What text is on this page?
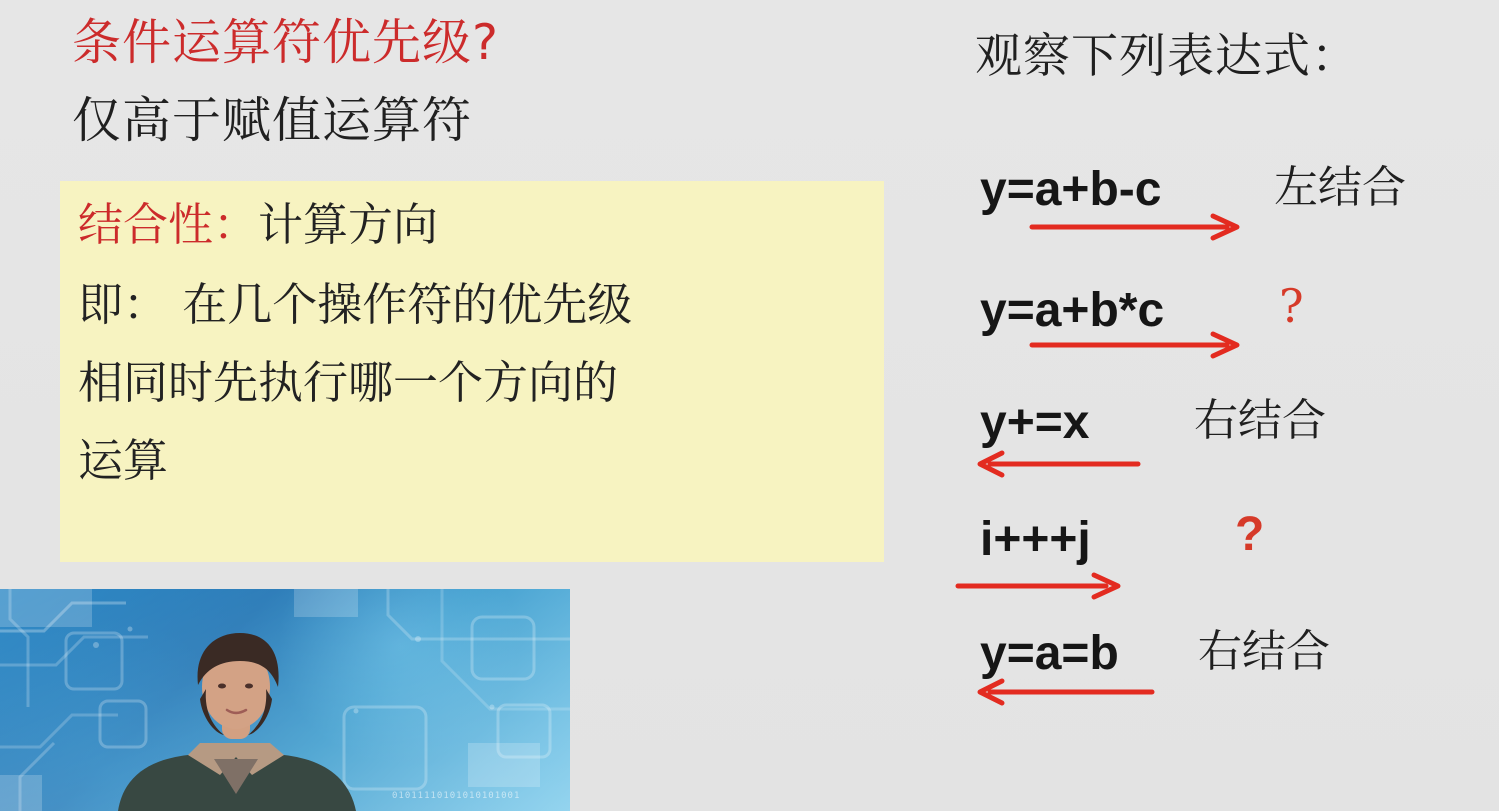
条件运算符优先级?
仅高于赋值运算符
结合性：计算方向
即： 在几个操作符的优先级
相同时先执行哪一个方向的
运算
观察下列表达式：
y=a+b-c	左结合
y=a+b*c ?
y+=x 右结合
i+++j	?
y=a=b 右结合
01011110101010101001
